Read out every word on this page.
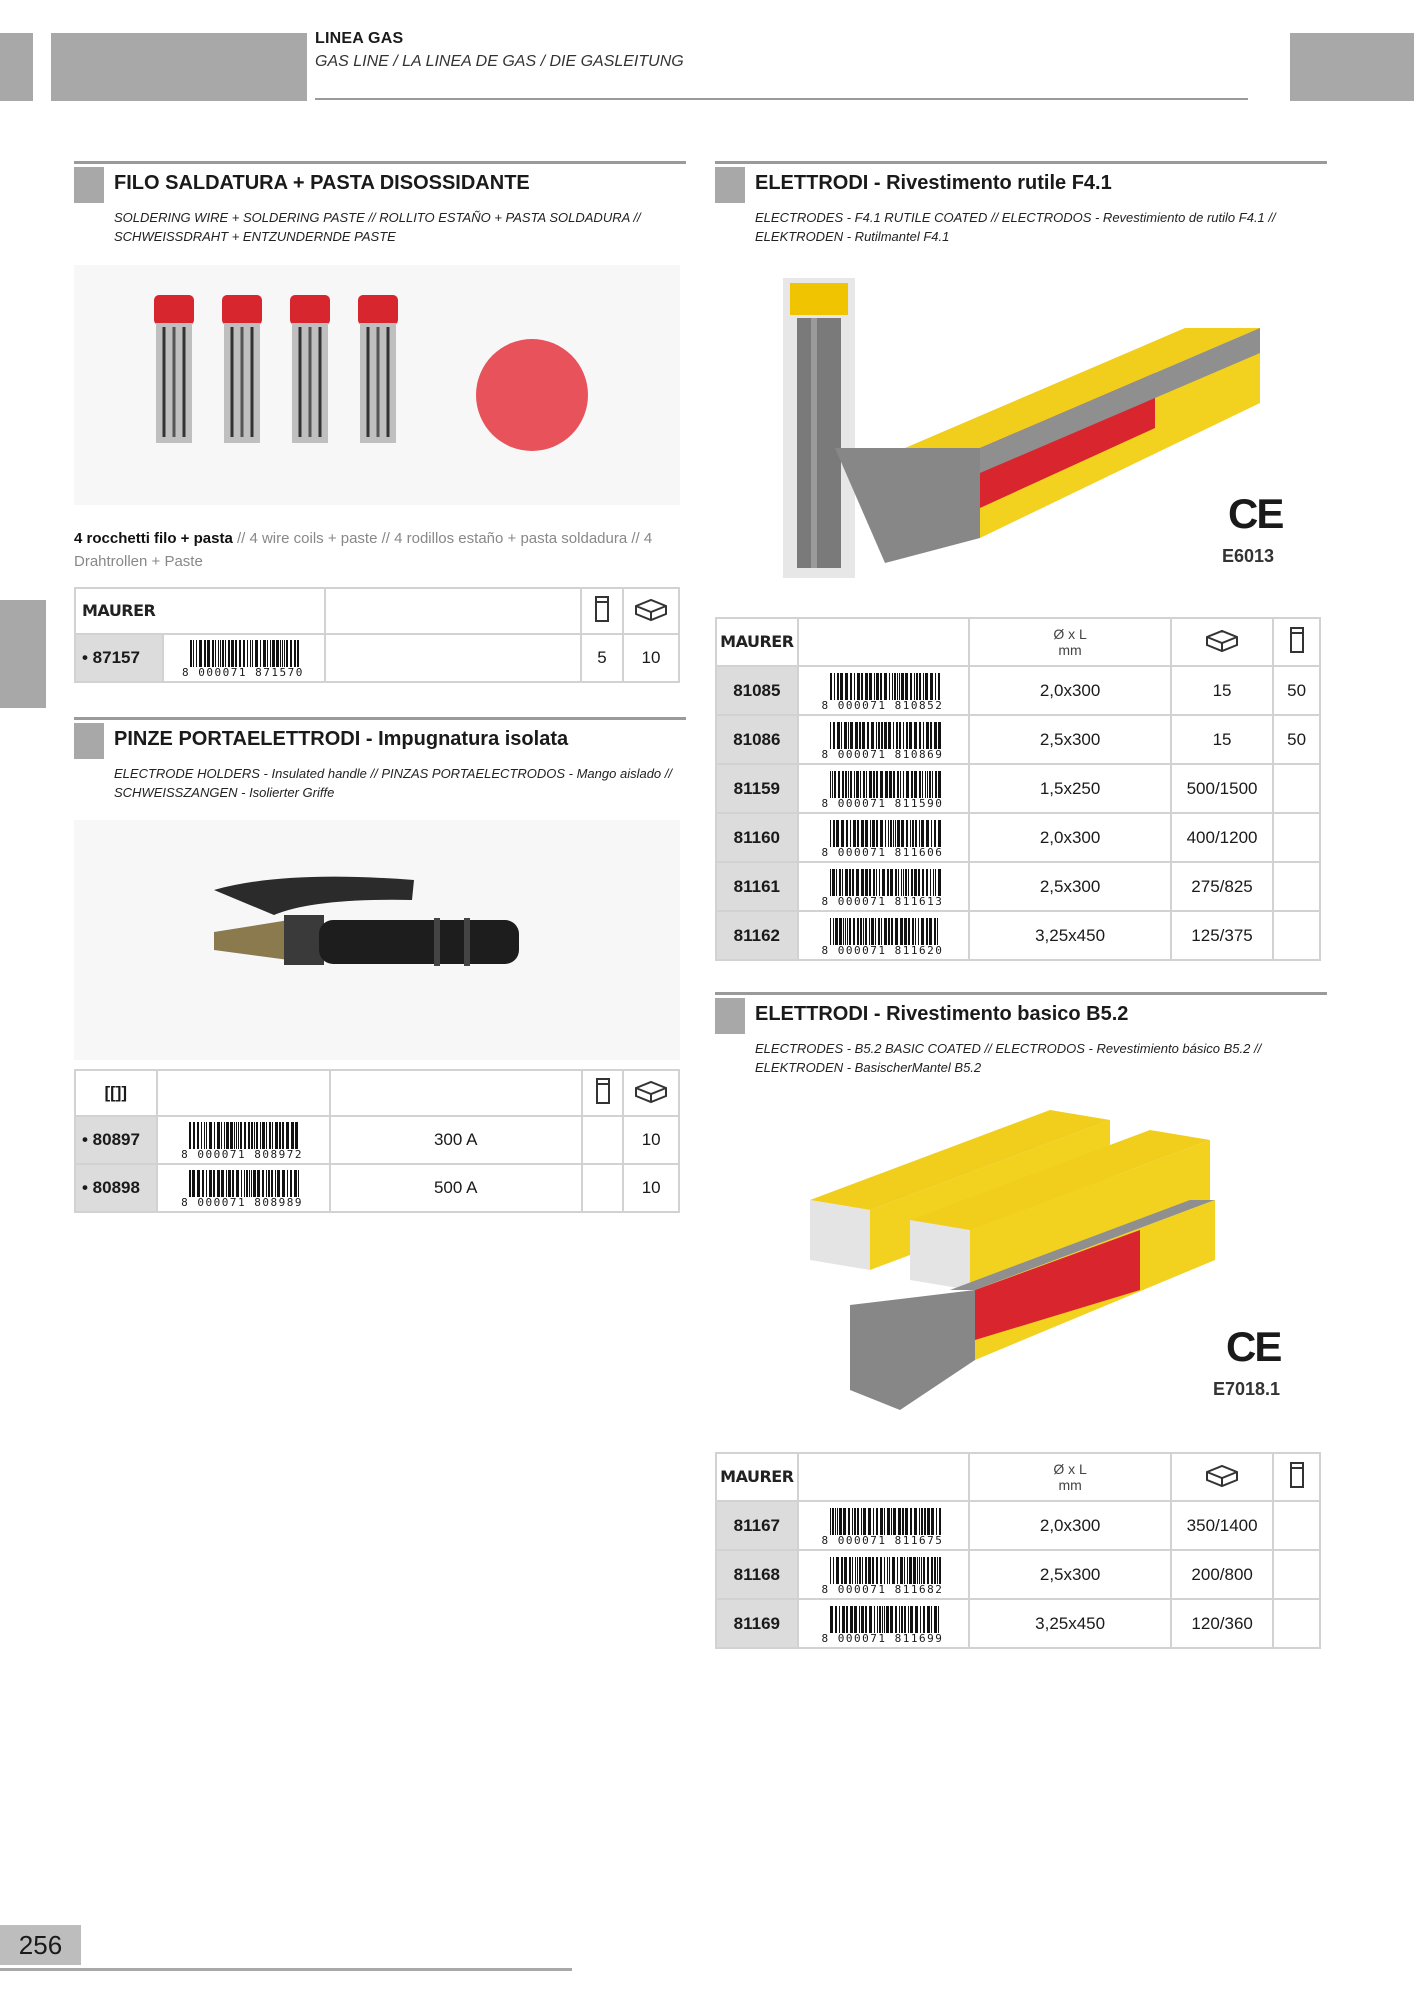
LINEA GAS
GAS LINE / LA LINEA DE GAS / DIE GASLEITUNG
FILO SALDATURA + PASTA DISOSSIDANTE
SOLDERING WIRE + SOLDERING PASTE // ROLLITO ESTAÑO + PASTA SOLDADURA //
SCHWEISSDRAHT + ENTZUNDERNDE PASTE
4 rocchetti filo + pasta // 4 wire coils + paste // 4 rodillos estaño + pasta soldadura // 4
Drahtrollen + Paste
MAURER			
• 87157	8 000071 871570		5	10
PINZE PORTAELETTRODI - Impugnatura isolata
ELECTRODE HOLDERS - Insulated handle // PINZAS PORTAELECTRODOS - Mango aislado //
SCHWEISSZANGEN - Isolierter Griffe
[[]]				
• 80897	8 000071 808972	300 A		10
• 80898	8 000071 808989	500 A		10
ELETTRODI - Rivestimento rutile F4.1
ELECTRODES - F4.1 RUTILE COATED // ELECTRODOS - Revestimiento de rutilo F4.1 //
ELEKTRODEN - Rutilmantel F4.1
CE
E6013
MAURER		Ø x L
mm

81085	8 000071 810852	2,0x300	15	50
81086	8 000071 810869	2,5x300	15	50
81159	8 000071 811590	1,5x250	500/1500	
81160	8 000071 811606	2,0x300	400/1200	
81161	8 000071 811613	2,5x300	275/825	
81162	8 000071 811620	3,25x450	125/375	
ELETTRODI - Rivestimento basico B5.2
ELECTRODES - B5.2 BASIC COATED // ELECTRODOS - Revestimiento básico B5.2 //
ELEKTRODEN - BasischerMantel B5.2
CE
E7018.1
MAURER		Ø x L
mm

81167	8 000071 811675	2,0x300	350/1400	
81168	8 000071 811682	2,5x300	200/800	
81169	8 000071 811699	3,25x450	120/360	
256
